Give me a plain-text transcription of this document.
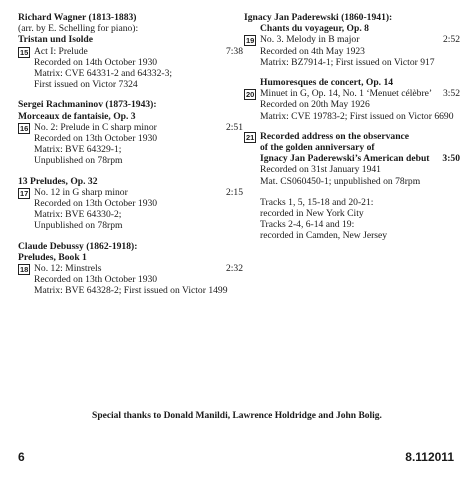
Richard Wagner (1813-1883)
(arr. by E. Schelling for piano):
Tristan und Isolde
15 Act I: Prelude	7:38
Recorded on 14th October 1930
Matrix: CVE 64331-2 and 64332-3;
First issued on Victor 7324
Sergei Rachmaninov (1873-1943):
Morceaux de fantaisie, Op. 3
16 No. 2: Prelude in C sharp minor	2:51
Recorded on 13th October 1930
Matrix: BVE 64329-1;
Unpublished on 78rpm
13 Preludes, Op. 32
17 No. 12 in G sharp minor	2:15
Recorded on 13th October 1930
Matrix: BVE 64330-2;
Unpublished on 78rpm
Claude Debussy (1862-1918):
Preludes, Book 1
18 No. 12: Minstrels	2:32
Recorded on 13th October 1930
Matrix: BVE 64328-2; First issued on Victor 1499
Ignacy Jan Paderewski (1860-1941):
Chants du voyageur, Op. 8
19 No. 3. Melody in B major	2:52
Recorded on 4th May 1923
Matrix: BZ7914-1; First issued on Victor 917
Humoresques de concert, Op. 14
20 Minuet in G, Op. 14, No. 1 ‘Menuet célèbre’ 3:52
Recorded on 20th May 1926
Matrix: CVE 19783-2; First issued on Victor 6690
21 Recorded address on the observance
of the golden anniversary of
Ignacy Jan Paderewski’s American debut 3:50
Recorded on 31st January 1941
Mat. CS060450-1; unpublished on 78rpm
Tracks 1, 5, 15-18 and 20-21:
recorded in New York City
Tracks 2-4, 6-14 and 19:
recorded in Camden, New Jersey
Special thanks to Donald Manildi, Lawrence Holdridge and John Bolig.
6	8.112011
